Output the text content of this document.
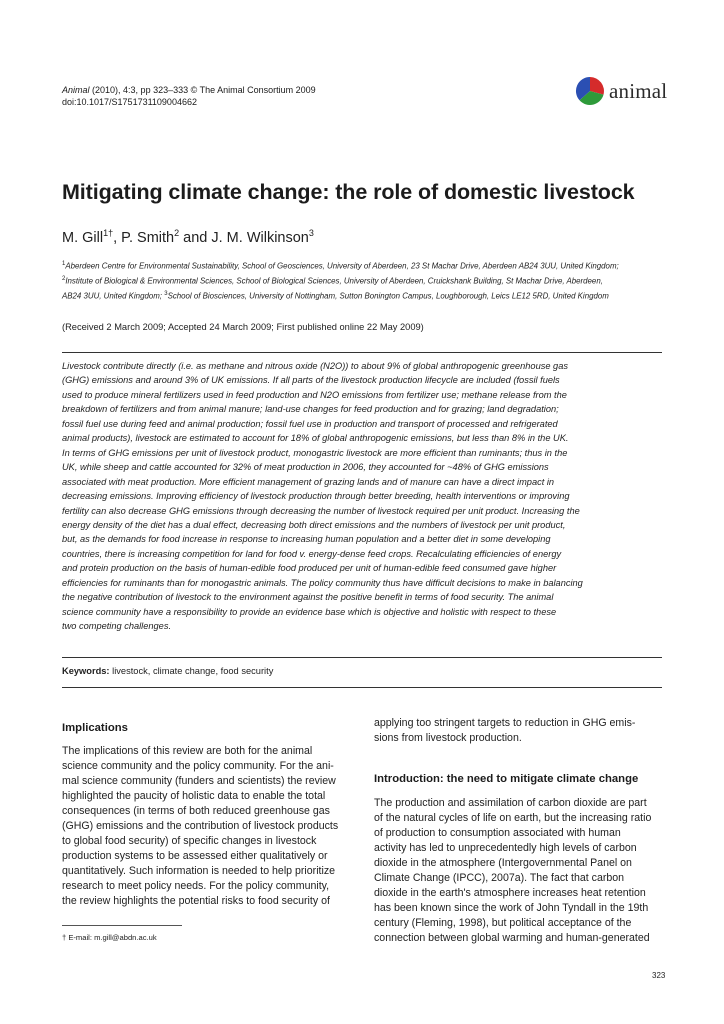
Animal (2010), 4:3, pp 323–333 © The Animal Consortium 2009
doi:10.1017/S1751731109004662	animal
Mitigating climate change: the role of domestic livestock
M. Gill$^{1\dagger}$, P. Smith$^2$ and J. M. Wilkinson$^3$
$^1$Aberdeen Centre for Environmental Sustainability, School of Geosciences, University of Aberdeen, 23 St Machar Drive, Aberdeen AB24 3UU, United Kingdom;
$^2$Institute of Biological & Environmental Sciences, School of Biological Sciences, University of Aberdeen, Cruickshank Building, St Machar Drive, Aberdeen,
AB24 3UU, United Kingdom; $^3$School of Biosciences, University of Nottingham, Sutton Bonington Campus, Loughborough, Leics LE12 5RD, United Kingdom
(Received 2 March 2009; Accepted 24 March 2009; First published online 22 May 2009)
Livestock contribute directly (i.e. as methane and nitrous oxide (N2O)) to about 9% of global anthropogenic greenhouse gas
(GHG) emissions and around 3% of UK emissions. If all parts of the livestock production lifecycle are included (fossil fuels
used to produce mineral fertilizers used in feed production and N2O emissions from fertilizer use; methane release from the
breakdown of fertilizers and from animal manure; land-use changes for feed production and for grazing; land degradation;
fossil fuel use during feed and animal production; fossil fuel use in production and transport of processed and refrigerated
animal products), livestock are estimated to account for 18% of global anthropogenic emissions, but less than 8% in the UK.
In terms of GHG emissions per unit of livestock product, monogastric livestock are more efficient than ruminants; thus in the
UK, while sheep and cattle accounted for 32% of meat production in 2006, they accounted for ~48% of GHG emissions
associated with meat production. More efficient management of grazing lands and of manure can have a direct impact in
decreasing emissions. Improving efficiency of livestock production through better breeding, health interventions or improving
fertility can also decrease GHG emissions through decreasing the number of livestock required per unit product. Increasing the
energy density of the diet has a dual effect, decreasing both direct emissions and the numbers of livestock per unit product,
but, as the demands for food increase in response to increasing human population and a better diet in some developing
countries, there is increasing competition for land for food v. energy-dense feed crops. Recalculating efficiencies of energy
and protein production on the basis of human-edible food produced per unit of human-edible feed consumed gave higher
efficiencies for ruminants than for monogastric animals. The policy community thus have difficult decisions to make in balancing
the negative contribution of livestock to the environment against the positive benefit in terms of food security. The animal
science community have a responsibility to provide an evidence base which is objective and holistic with respect to these
two competing challenges.
Keywords: livestock, climate change, food security
Implications
The implications of this review are both for the animal
science community and the policy community. For the ani-
mal science community (funders and scientists) the review
highlighted the paucity of holistic data to enable the total
consequences (in terms of both reduced greenhouse gas
(GHG) emissions and the contribution of livestock products
to global food security) of specific changes in livestock
production systems to be assessed either qualitatively or
quantitatively. Such information is needed to help prioritize
research to meet policy needs. For the policy community,
the review highlights the potential risks to food security of
applying too stringent targets to reduction in GHG emis-
sions from livestock production.
Introduction: the need to mitigate climate change
The production and assimilation of carbon dioxide are part
of the natural cycles of life on earth, but the increasing ratio
of production to consumption associated with human
activity has led to unprecedentedly high levels of carbon
dioxide in the atmosphere (Intergovernmental Panel on
Climate Change (IPCC), 2007a). The fact that carbon
dioxide in the earth's atmosphere increases heat retention
has been known since the work of John Tyndall in the 19th
century (Fleming, 1998), but political acceptance of the
connection between global warming and human-generated
† E-mail: m.gill@abdn.ac.uk
323
